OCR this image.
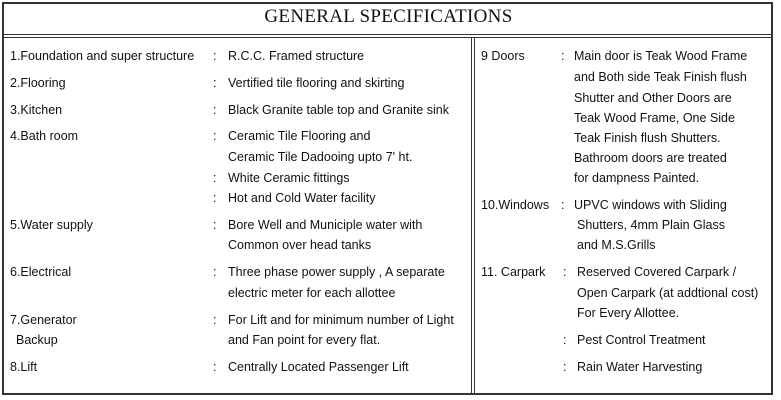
GENERAL SPECIFICATIONS
1.Foundation and super structure : R.C.C. Framed structure
2.Flooring	: Vertified tile flooring and skirting
3.Kitchen	: Black Granite table top and Granite sink
4.Bath room	: Ceramic Tile Flooring and
Ceramic Tile Dadooing upto 7' ht.
: White Ceramic fittings
: Hot and Cold Water facility
5.Water supply	: Bore Well and Municiple water with
Common over head tanks
6.Electrical	: Three phase power supply , A separate
electric meter for each allottee
7.Generator
Backup
: For Lift and for minimum number of Light
and Fan point for every flat.
8.Lift	: Centrally Located Passenger Lift
9 Doors	: Main door is Teak Wood Frame
and Both side Teak Finish flush
Shutter and Other Doors are
Teak Wood Frame, One Side
Teak Finish flush Shutters.
Bathroom doors are treated
for dampness Painted.
10.Windows : UPVC windows with Sliding
Shutters, 4mm Plain Glass
and M.S.Grills
11. Carpark : Reserved Covered Carpark /
Open Carpark (at addtional cost)
For Every Allottee.
: Pest Control Treatment
: Rain Water Harvesting
